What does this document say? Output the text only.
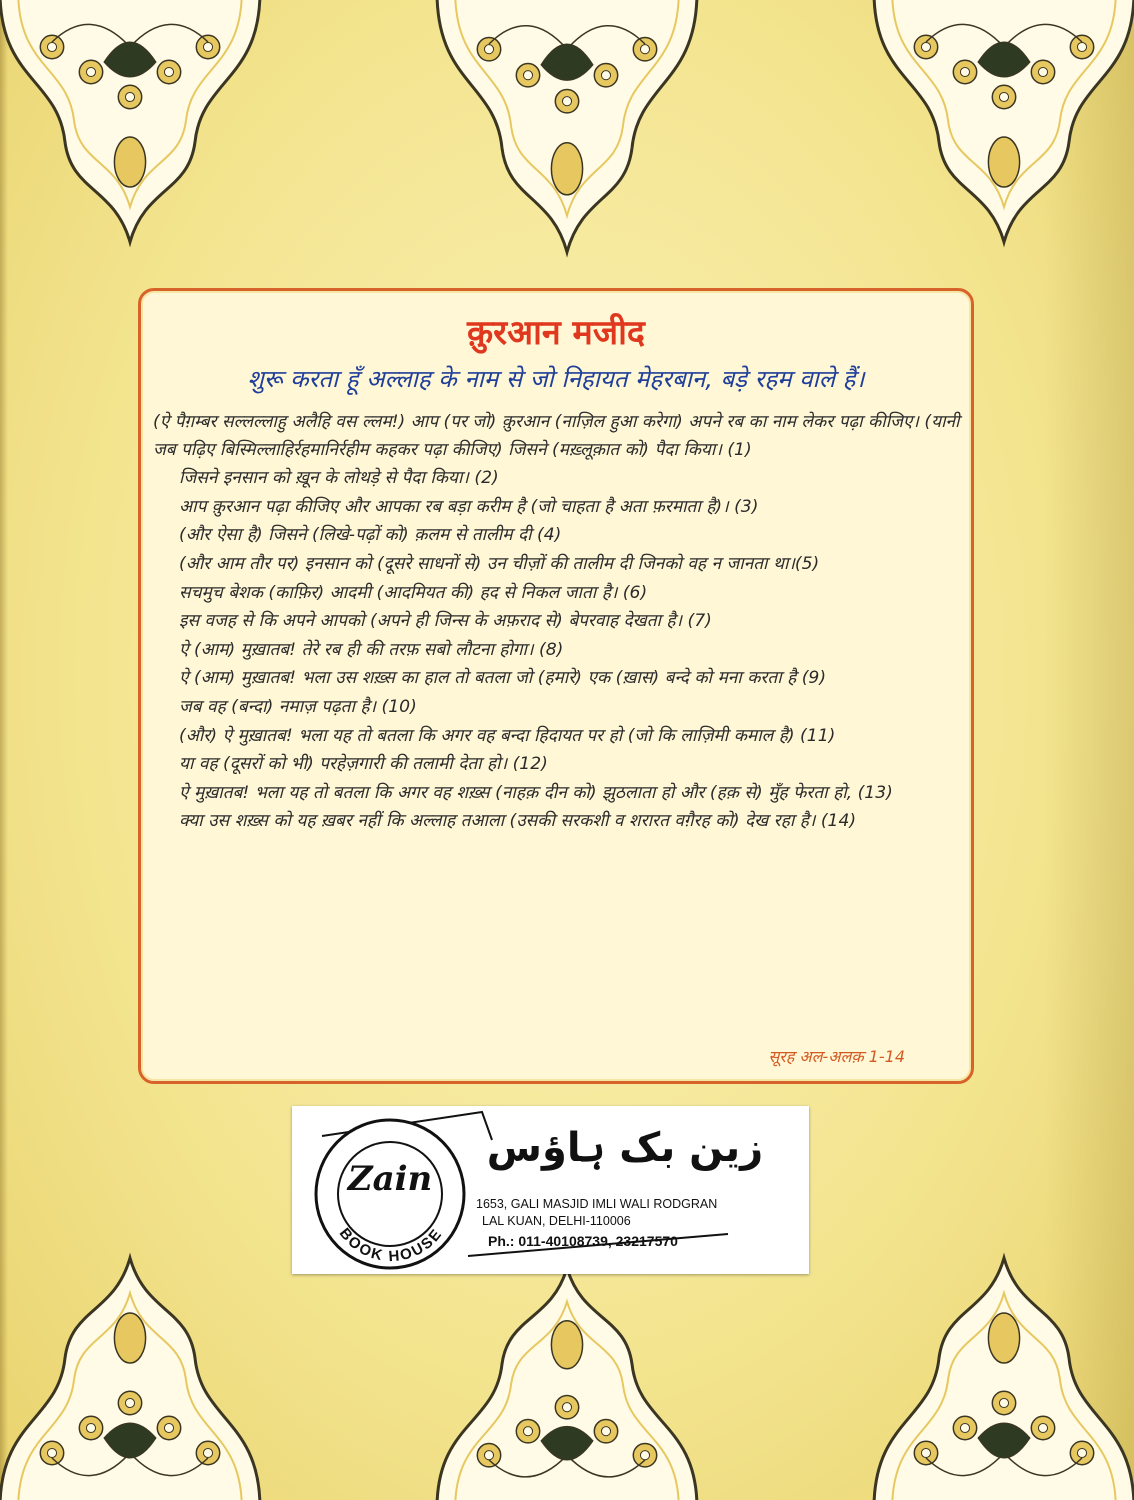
क़ुरआन मजीद
शुरू करता हूँ अल्लाह के नाम से जो निहायत मेहरबान, बड़े रहम वाले हैं।

(ऐ पैग़म्बर सल्लल्लाहु अलैहि वस ल्लम!) आप (पर जो) क़ुरआन (नाज़िल हुआ करेगा) अपने रब का नाम लेकर पढ़ा कीजिए। (यानी जब पढ़िए बिस्मिल्लाहिर्रहमानिर्रहीम कहकर पढ़ा कीजिए) जिसने (मख़्लूक़ात को) पैदा किया। (1)

जिसने इनसान को ख़ून के लोथड़े से पैदा किया। (2)

आप क़ुरआन पढ़ा कीजिए और आपका रब बड़ा करीम है (जो चाहता है अता फ़रमाता है)। (3)

(और ऐसा है) जिसने (लिखे-पढ़ों को) क़लम से तालीम दी (4)

(और आम तौर पर) इनसान को (दूसरे साधनों से) उन चीज़ों की तालीम दी जिनको वह न जानता था।(5)

सचमुच बेशक (काफ़िर) आदमी (आदमियत की) हद से निकल जाता है। (6)

इस वजह से कि अपने आपको (अपने ही जिन्स के अफ़राद से) बेपरवाह देखता है। (7)

ऐ (आम) मुख़ातब! तेरे रब ही की तरफ़ सबो लौटना होगा। (8)

ऐ (आम) मुख़ातब! भला उस शख़्स का हाल तो बतला जो (हमारे) एक (ख़ास) बन्दे को मना करता है (9)

जब वह (बन्दा) नमाज़ पढ़ता है। (10)

(और) ऐ मुख़ातब! भला यह तो बतला कि अगर वह बन्दा हिदायत पर हो (जो कि लाज़िमी कमाल है) (11)

या वह (दूसरों को भी) परहेज़गारी की तलामी देता हो। (12)

ऐ मुख़ातब! भला यह तो बतला कि अगर वह शख़्स (नाहक़ दीन को) झुठलाता हो और (हक़ से) मुँह फेरता हो, (13)

क्या उस शख़्स को यह ख़बर नहीं कि अल्लाह तआला (उसकी सरकशी व शरारत वग़ैरह को) देख रहा है। (14)

सूरह अल-अलक़ 1-14
Zain
BOOK HOUSE
زین بک ہاؤس
1653, GALI MASJID IMLI WALI RODGRAN
LAL KUAN, DELHI-110006
Ph.: 011-40108739, 23217570
